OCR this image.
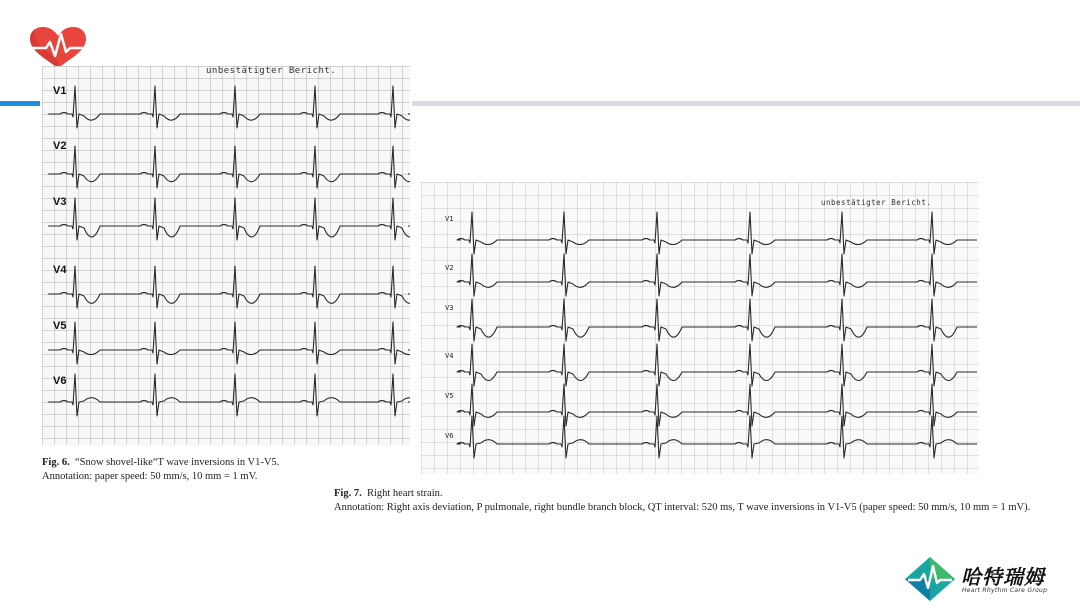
unbestätigter Bericht.
V1
V2
V3
V4
V5
V6
Fig. 6. “Snow shovel-like“T wave inversions in V1-V5.
Annotation: paper speed: 50 mm/s, 10 mm = 1 mV.
unbestätigter Bericht.
V1
V2
V3
V4
V5
V6
Fig. 7. Right heart strain.
Annotation: Right axis deviation, P pulmonale, right bundle branch block, QT interval: 520 ms, T wave inversions in V1-V5 (paper speed: 50 mm/s, 10 mm = 1 mV).
哈特瑞姆
Heart Rhythm Care Group
